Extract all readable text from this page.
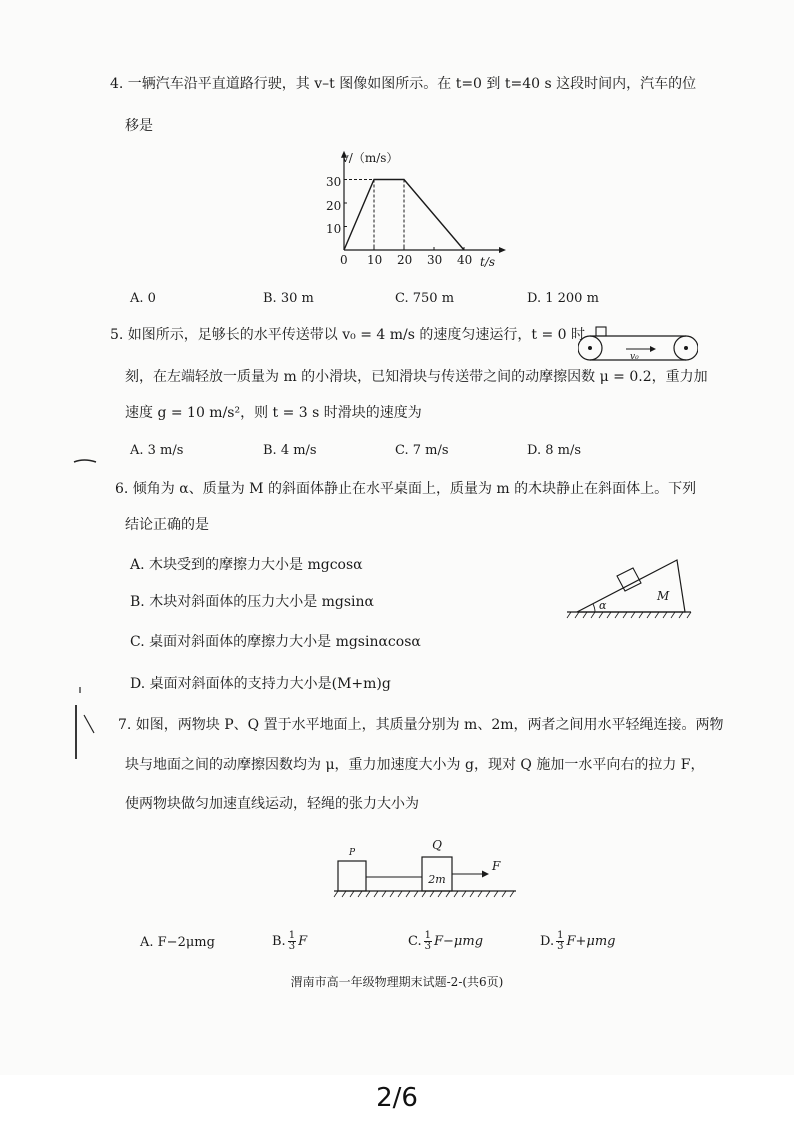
4. 一辆汽车沿平直道路行驶，其 v–t 图像如图所示。在 t=0 到 t=40 s 这段时间内，汽车的位
移是
v/（m/s）
t/s
30
20
10
0 10 20 30 40
A. 0	B. 30 m	C. 750 m	D. 1 200 m
5. 如图所示，足够长的水平传送带以 v₀ = 4 m/s 的速度匀速运行，t = 0 时
刻，在左端轻放一质量为 m 的小滑块，已知滑块与传送带之间的动摩擦因数 μ = 0.2，重力加
速度 g = 10 m/s²，则 t = 3 s 时滑块的速度为
v₀
A. 3 m/s	B. 4 m/s	C. 7 m/s	D. 8 m/s
6. 倾角为 α、质量为 M 的斜面体静止在水平桌面上，质量为 m 的木块静止在斜面体上。下列
结论正确的是
A. 木块受到的摩擦力大小是 mgcosα
B. 木块对斜面体的压力大小是 mgsinα
C. 桌面对斜面体的摩擦力大小是 mgsinαcosα
D. 桌面对斜面体的支持力大小是(M+m)g
α
M
7. 如图，两物块 P、Q 置于水平地面上，其质量分别为 m、2m，两者之间用水平轻绳连接。两物
块与地面之间的动摩擦因数均为 μ，重力加速度大小为 g，现对 Q 施加一水平向右的拉力 F，
使两物块做匀加速直线运动，轻绳的张力大小为
P
Q
2m
F
A. F−2μmg	B. $\frac{1}{3}$ F	C. $\frac{1}{3} F-\mu mg$	D. $\frac{1}{3} F+\mu mg$
渭南市高一年级物理期末试题-2-(共6页)
2/6
